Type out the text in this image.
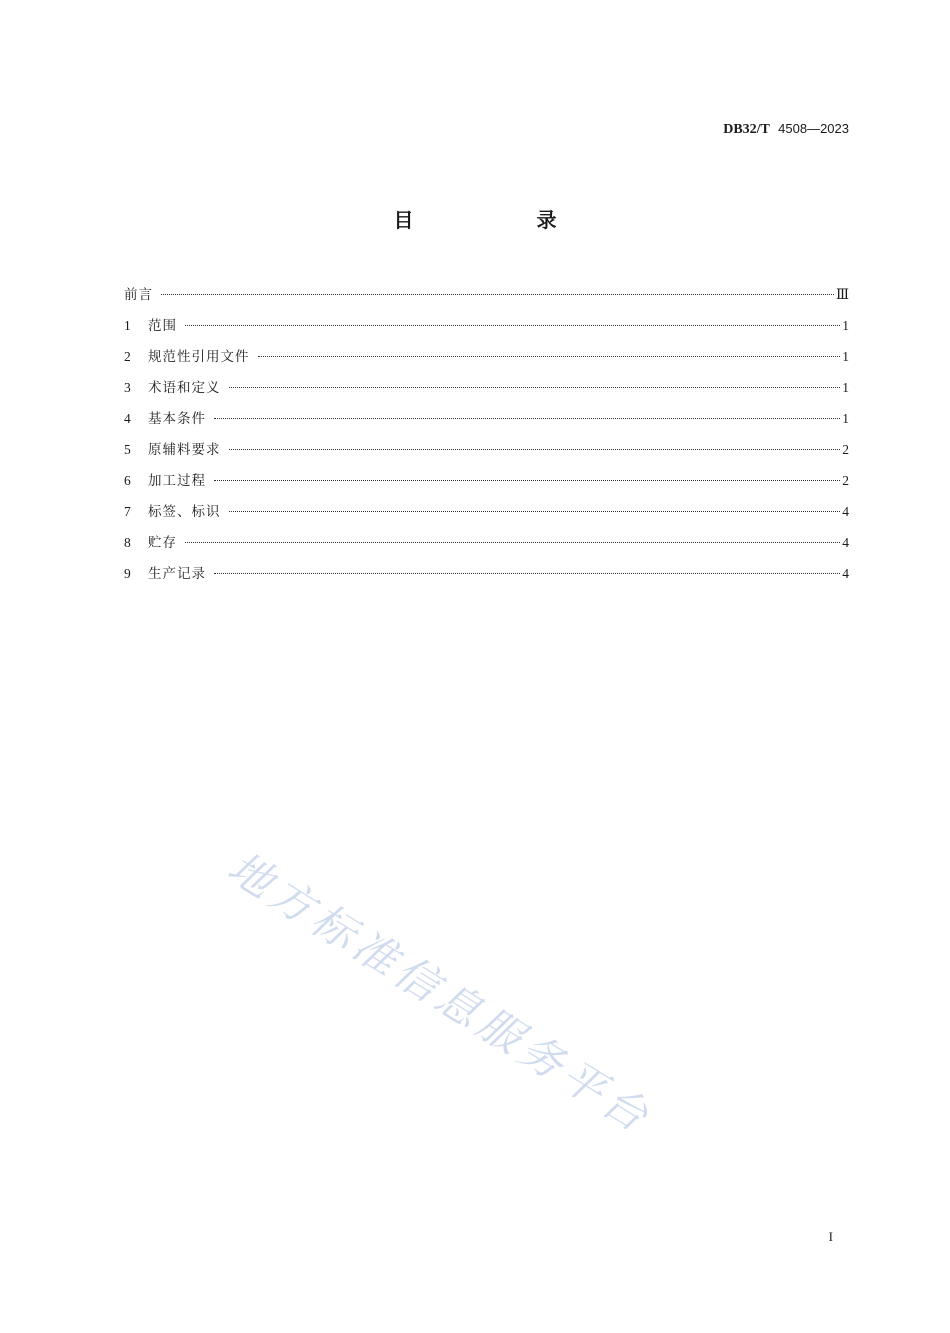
DB32/T 4508—2023
目 录
前言	Ⅲ
1	范围	1
2	规范性引用文件	1
3	术语和定义	1
4	基本条件	1
5	原辅料要求	2
6	加工过程	2
7	标签、标识	4
8	贮存	4
9	生产记录	4
地方标准信息服务平台
I
